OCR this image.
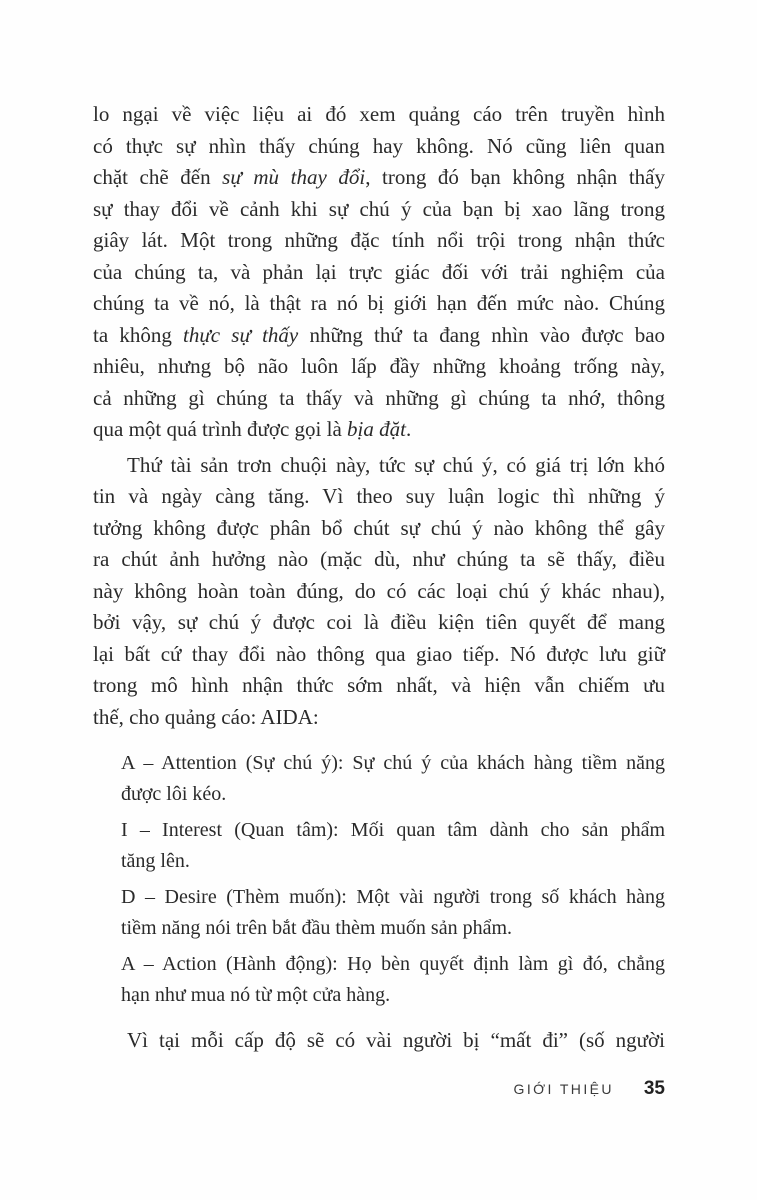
lo ngại về việc liệu ai đó xem quảng cáo trên truyền hình
có thực sự nhìn thấy chúng hay không. Nó cũng liên quan
chặt chẽ đến sự mù thay đổi, trong đó bạn không nhận thấy
sự thay đổi về cảnh khi sự chú ý của bạn bị xao lãng trong
giây lát. Một trong những đặc tính nổi trội trong nhận thức
của chúng ta, và phản lại trực giác đối với trải nghiệm của
chúng ta về nó, là thật ra nó bị giới hạn đến mức nào. Chúng
ta không thực sự thấy những thứ ta đang nhìn vào được bao
nhiêu, nhưng bộ não luôn lấp đầy những khoảng trống này,
cả những gì chúng ta thấy và những gì chúng ta nhớ, thông
qua một quá trình được gọi là bịa đặt.
Thứ tài sản trơn chuội này, tức sự chú ý, có giá trị lớn khó
tin và ngày càng tăng. Vì theo suy luận logic thì những ý
tưởng không được phân bổ chút sự chú ý nào không thể gây
ra chút ảnh hưởng nào (mặc dù, như chúng ta sẽ thấy, điều
này không hoàn toàn đúng, do có các loại chú ý khác nhau),
bởi vậy, sự chú ý được coi là điều kiện tiên quyết để mang
lại bất cứ thay đổi nào thông qua giao tiếp. Nó được lưu giữ
trong mô hình nhận thức sớm nhất, và hiện vẫn chiếm ưu
thế, cho quảng cáo: AIDA:
A – Attention (Sự chú ý): Sự chú ý của khách hàng tiềm năng
được lôi kéo.
I – Interest (Quan tâm): Mối quan tâm dành cho sản phẩm
tăng lên.
D – Desire (Thèm muốn): Một vài người trong số khách hàng
tiềm năng nói trên bắt đầu thèm muốn sản phẩm.
A – Action (Hành động): Họ bèn quyết định làm gì đó, chẳng
hạn như mua nó từ một cửa hàng.
Vì tại mỗi cấp độ sẽ có vài người bị “mất đi” (số người
GIỚI THIỆU 35
